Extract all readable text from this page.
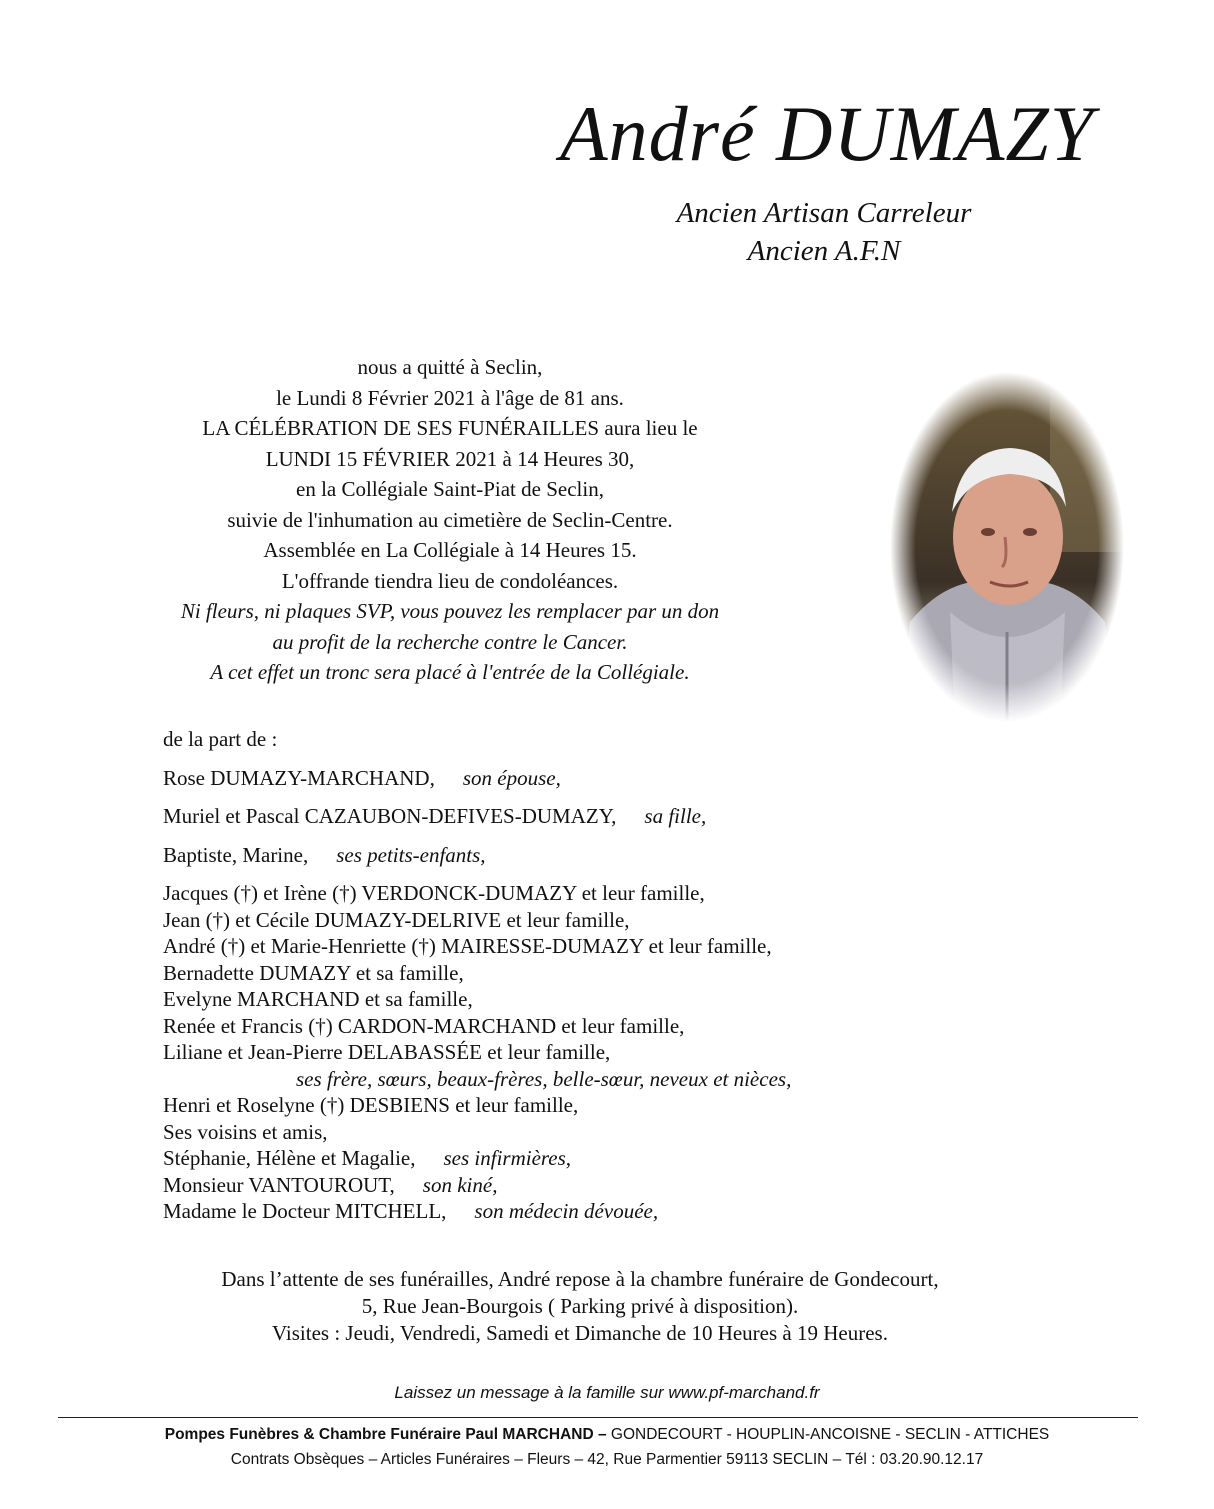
André DUMAZY
Ancien Artisan Carreleur
Ancien A.F.N
nous a quitté à Seclin,
le Lundi 8 Février 2021 à l'âge de 81 ans.
LA CÉLÉBRATION DE SES FUNÉRAILLES aura lieu le
LUNDI 15 FÉVRIER 2021 à 14 Heures 30,
en la Collégiale Saint-Piat de Seclin,
suivie de l'inhumation au cimetière de Seclin-Centre.
Assemblée en La Collégiale à 14 Heures 15.
L'offrande tiendra lieu de condoléances.
Ni fleurs, ni plaques SVP, vous pouvez les remplacer par un don
au profit de la recherche contre le Cancer.
A cet effet un tronc sera placé à l'entrée de la Collégiale.
de la part de :
Rose DUMAZY-MARCHAND, son épouse,
Muriel et Pascal CAZAUBON-DEFIVES-DUMAZY, sa fille,
Baptiste, Marine, ses petits-enfants,
Jacques (†) et Irène (†) VERDONCK-DUMAZY et leur famille,
Jean (†) et Cécile DUMAZY-DELRIVE et leur famille,
André (†) et Marie-Henriette (†) MAIRESSE-DUMAZY et leur famille,
Bernadette DUMAZY et sa famille,
Evelyne MARCHAND et sa famille,
Renée et Francis (†) CARDON-MARCHAND et leur famille,
Liliane et Jean-Pierre DELABASSÉE et leur famille,
ses frère, sœurs, beaux-frères, belle-sœur, neveux et nièces,
Henri et Roselyne (†) DESBIENS et leur famille,
Ses voisins et amis,
Stéphanie, Hélène et Magalie, ses infirmières,
Monsieur VANTOUROUT, son kiné,
Madame le Docteur MITCHELL, son médecin dévouée,
Dans l’attente de ses funérailles, André repose à la chambre funéraire de Gondecourt,
5, Rue Jean-Bourgois ( Parking privé à disposition).
Visites : Jeudi, Vendredi, Samedi et Dimanche de 10 Heures à 19 Heures.
Laissez un message à la famille sur www.pf-marchand.fr
Pompes Funèbres & Chambre Funéraire Paul MARCHAND – GONDECOURT - HOUPLIN-ANCOISNE - SECLIN - ATTICHES
Contrats Obsèques – Articles Funéraires – Fleurs – 42, Rue Parmentier 59113 SECLIN – Tél : 03.20.90.12.17
